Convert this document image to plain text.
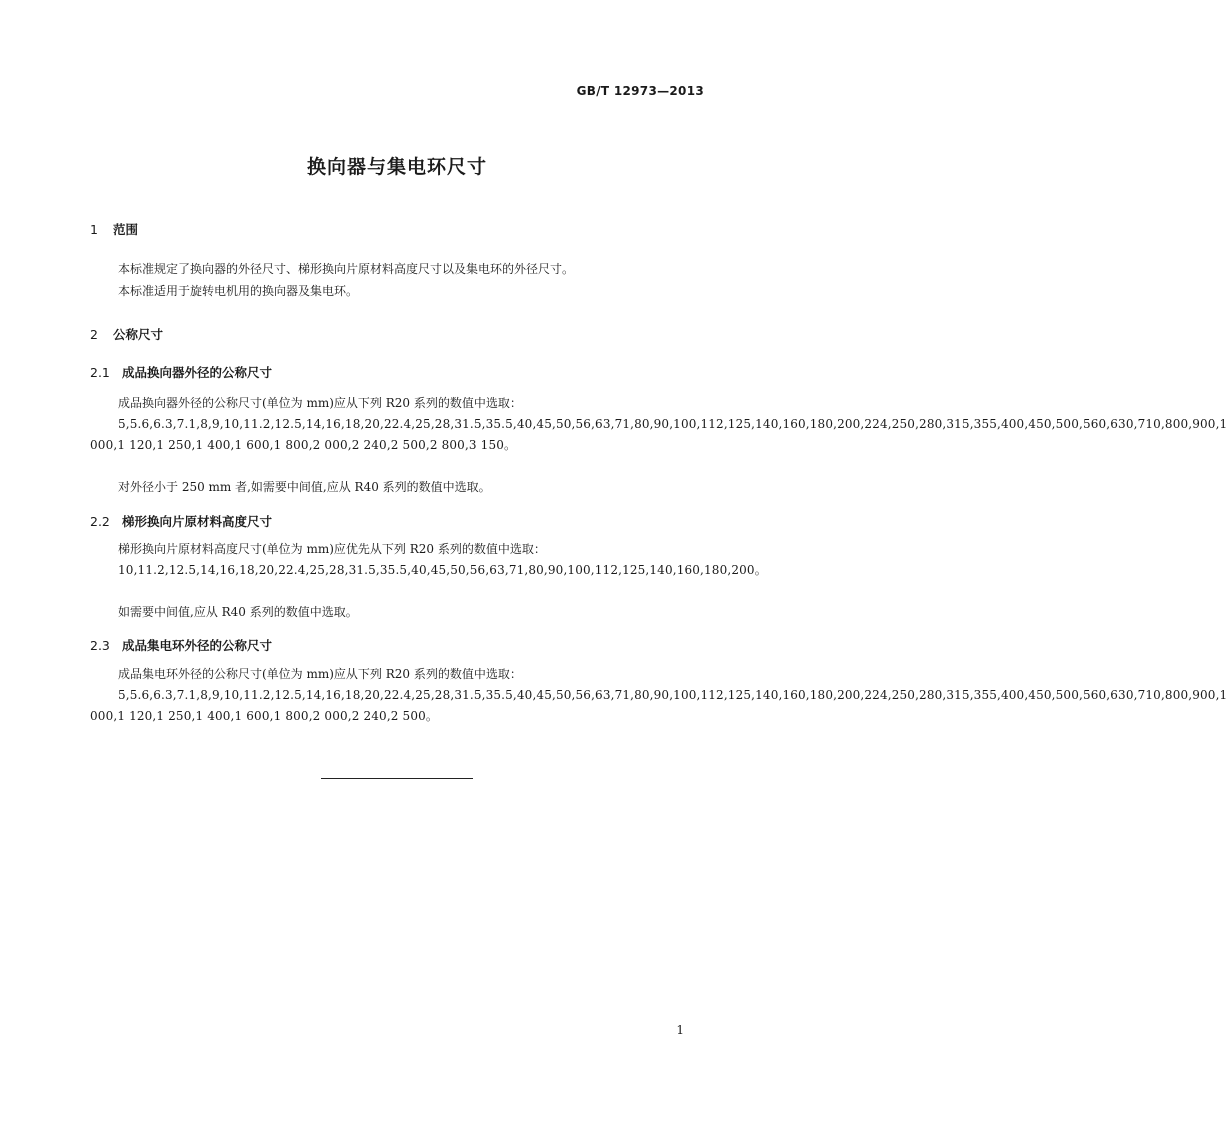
GB/T 12973—2013
换向器与集电环尺寸
1 范围
本标准规定了换向器的外径尺寸、梯形换向片原材料高度尺寸以及集电环的外径尺寸。
本标准适用于旋转电机用的换向器及集电环。
2 公称尺寸
2.1 成品换向器外径的公称尺寸
成品换向器外径的公称尺寸(单位为 mm)应从下列 R20 系列的数值中选取：
5,5.6,6.3,7.1,8,9,10,11.2,12.5,14,16,18,20,22.4,25,28,31.5,35.5,40,45,50,56,63,71,80,90,100,112,125,140,160,180,200,224,250,280,315,355,400,450,500,560,630,710,800,900,1 000,1 120,1 250,1 400,1 600,1 800,2 000,2 240,2 500,2 800,3 150。
对外径小于 250 mm 者,如需要中间值,应从 R40 系列的数值中选取。
2.2 梯形换向片原材料高度尺寸
梯形换向片原材料高度尺寸(单位为 mm)应优先从下列 R20 系列的数值中选取：
10,11.2,12.5,14,16,18,20,22.4,25,28,31.5,35.5,40,45,50,56,63,71,80,90,100,112,125,140,160,180,200。
如需要中间值,应从 R40 系列的数值中选取。
2.3 成品集电环外径的公称尺寸
成品集电环外径的公称尺寸(单位为 mm)应从下列 R20 系列的数值中选取：
5,5.6,6.3,7.1,8,9,10,11.2,12.5,14,16,18,20,22.4,25,28,31.5,35.5,40,45,50,56,63,71,80,90,100,112,125,140,160,180,200,224,250,280,315,355,400,450,500,560,630,710,800,900,1 000,1 120,1 250,1 400,1 600,1 800,2 000,2 240,2 500。
1
